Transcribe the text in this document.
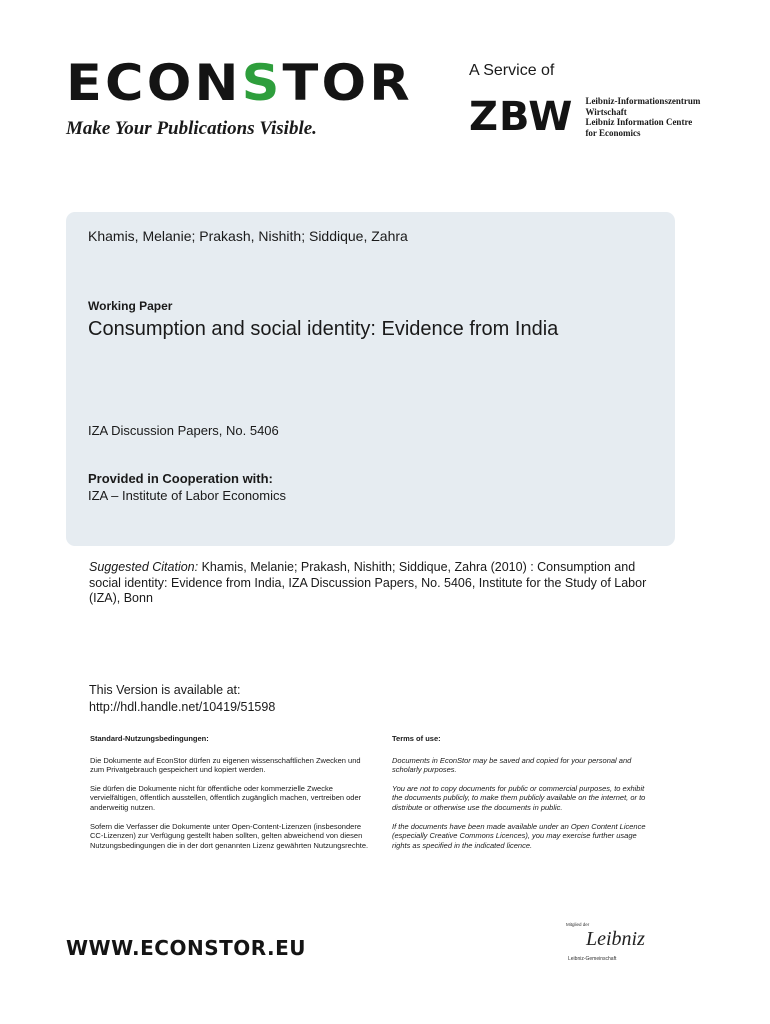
ECONSTOR
Make Your Publications Visible.
A Service of
ZBW Leibniz-Informationszentrum
Wirtschaft
Leibniz Information Centre
for Economics
Khamis, Melanie; Prakash, Nishith; Siddique, Zahra
Working Paper
Consumption and social identity: Evidence from India
IZA Discussion Papers, No. 5406
Provided in Cooperation with:
IZA – Institute of Labor Economics
Suggested Citation: Khamis, Melanie; Prakash, Nishith; Siddique, Zahra (2010) : Consumption and social identity: Evidence from India, IZA Discussion Papers, No. 5406, Institute for the Study of Labor (IZA), Bonn
This Version is available at:
http://hdl.handle.net/10419/51598
Standard-Nutzungsbedingungen:

Die Dokumente auf EconStor dürfen zu eigenen wissenschaftlichen Zwecken und zum Privatgebrauch gespeichert und kopiert werden.

Sie dürfen die Dokumente nicht für öffentliche oder kommerzielle Zwecke vervielfältigen, öffentlich ausstellen, öffentlich zugänglich machen, vertreiben oder anderweitig nutzen.

Sofern die Verfasser die Dokumente unter Open-Content-Lizenzen (insbesondere CC-Lizenzen) zur Verfügung gestellt haben sollten, gelten abweichend von diesen Nutzungsbedingungen die in der dort genannten Lizenz gewährten Nutzungsrechte.

Terms of use:

Documents in EconStor may be saved and copied for your personal and scholarly purposes.

You are not to copy documents for public or commercial purposes, to exhibit the documents publicly, to make them publicly available on the internet, or to distribute or otherwise use the documents in public.

If the documents have been made available under an Open Content Licence (especially Creative Commons Licences), you may exercise further usage rights as specified in the indicated licence.

WWW.ECONSTOR.EU
Mitglied der
Leibniz
Leibniz-Gemeinschaft
